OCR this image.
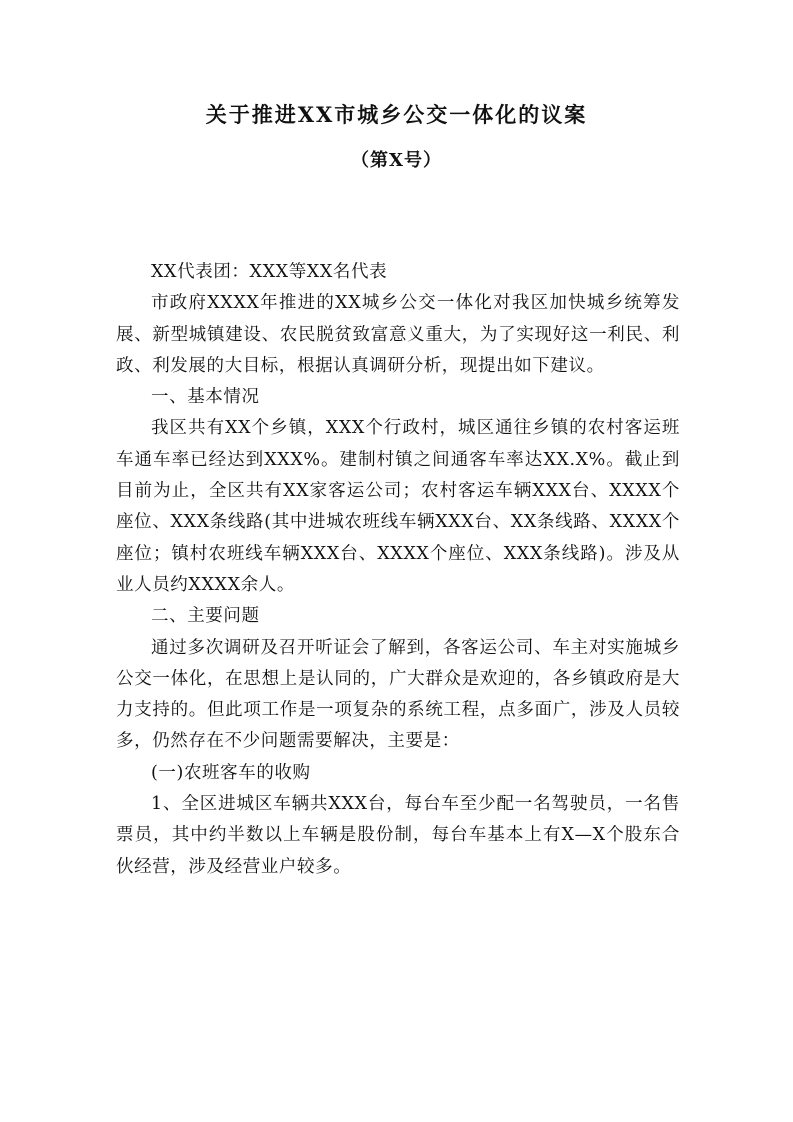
关于推进XX市城乡公交一体化的议案
（第X号）

XX代表团：XXX等XX名代表

市政府XXXX年推进的XX城乡公交一体化对我区加快城乡统筹发展、新型城镇建设、农民脱贫致富意义重大，为了实现好这一利民、利政、利发展的大目标，根据认真调研分析，现提出如下建议。

一、基本情况

我区共有XX个乡镇，XXX个行政村，城区通往乡镇的农村客运班车通车率已经达到XXX%。建制村镇之间通客车率达XX.X%。截止到目前为止，全区共有XX家客运公司；农村客运车辆XXX台、XXXX个座位、XXX条线路(其中进城农班线车辆XXX台、XX条线路、XXXX个座位；镇村农班线车辆XXX台、XXXX个座位、XXX条线路)。涉及从业人员约XXXX余人。

二、主要问题

通过多次调研及召开听证会了解到，各客运公司、车主对实施城乡公交一体化，在思想上是认同的，广大群众是欢迎的，各乡镇政府是大力支持的。但此项工作是一项复杂的系统工程，点多面广，涉及人员较多，仍然存在不少问题需要解决，主要是：

(一)农班客车的收购

1、全区进城区车辆共XXX台，每台车至少配一名驾驶员，一名售票员，其中约半数以上车辆是股份制，每台车基本上有X—X个股东合伙经营，涉及经营业户较多。
